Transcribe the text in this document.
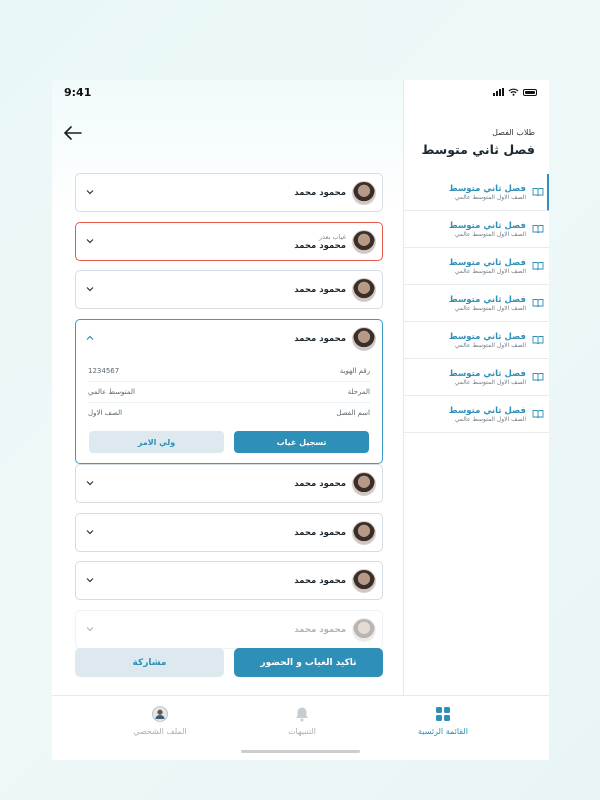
9:41
محمود محمد
غياب بعذر
محمود محمد
محمود محمد
محمود محمد
رقم الهوية
1234567
المرحلة
المتوسط عالمي
اسم الفصل
الصف الاول
تسجيل غياب
ولي الامر
محمود محمد
محمود محمد
محمود محمد
محمود محمد
تاكيد الغياب و الحضور
مشاركة
طلاب الفصل
فصل ثاني متوسط
فصل ثاني متوسط
الصف الاول المتوسط عالمي
فصل ثاني متوسط
الصف الاول المتوسط عالمي
فصل ثاني متوسط
الصف الاول المتوسط عالمي
فصل ثاني متوسط
الصف الاول المتوسط عالمي
فصل ثاني متوسط
الصف الاول المتوسط عالمي
فصل ثاني متوسط
الصف الاول المتوسط عالمي
فصل ثاني متوسط
الصف الاول المتوسط عالمي
الملف الشخصي	التنبيهات	القائمة الرئسية
